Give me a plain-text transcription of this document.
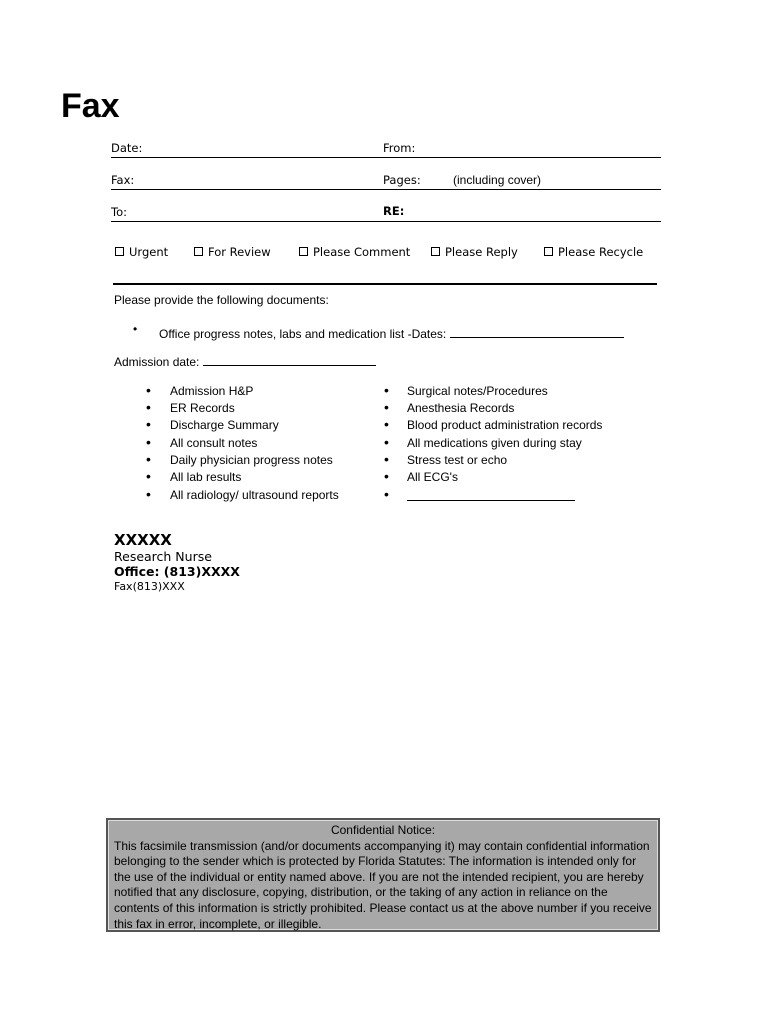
Fax
Date:	From:
Fax:	Pages:	(including cover)
To:	RE:
Urgent	For Review	Please Comment	Please Reply	Please Recycle
Please provide the following documents:
• Office progress notes, labs and medication list -Dates:
Admission date:
• Admission H&P
• ER Records
• Discharge Summary
• All consult notes
• Daily physician progress notes
• All lab results
• All radiology/ ultrasound reports
• Surgical notes/Procedures
• Anesthesia Records
• Blood product administration records
• All medications given during stay
• Stress test or echo
• All ECG's
•
XXXXX
Research Nurse
Office: (813)XXXX
Fax(813)XXX
Confidential Notice:
This facsimile transmission (and/or documents accompanying it) may contain confidential information belonging to the sender which is protected by Florida Statutes: The information is intended only for the use of the individual or entity named above. If you are not the intended recipient, you are hereby notified that any disclosure, copying, distribution, or the taking of any action in reliance on the contents of this information is strictly prohibited. Please contact us at the above number if you receive this fax in error, incomplete, or illegible.
